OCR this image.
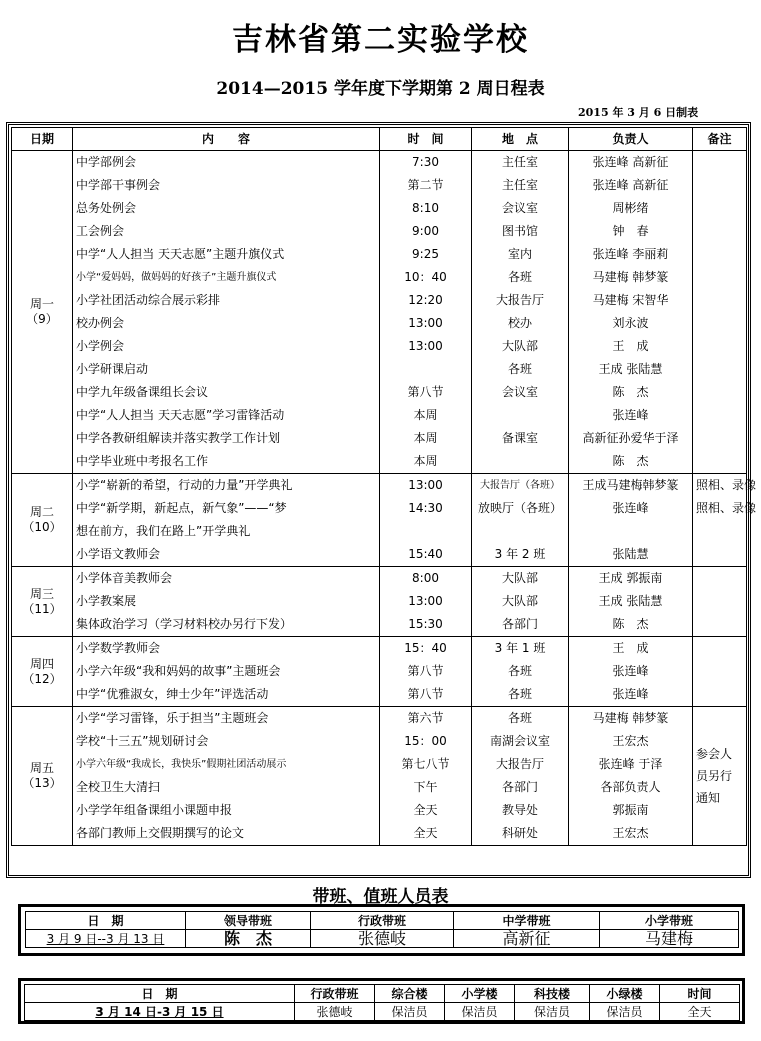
吉林省第二实验学校
2014—2015 学年度下学期第 2 周日程表
2015 年 3 月 6 日制表
日期	内　　容	时　间	地　点	负责人	备注

周一
（9）	中学部例会	7:30	主任室	张连峰 高新征	
	中学部干事例会	第二节	主任室	张连峰 高新征	
	总务处例会	8:10	会议室	周彬绪	
	工会例会	9:00	图书馆	钟　春	
	中学“人人担当 天天志愿”主题升旗仪式	9:25	室内	张连峰 李丽莉	
	小学“爱妈妈，做妈妈的好孩子”主题升旗仪式	10：40	各班	马建梅 韩梦篆	
	小学社团活动综合展示彩排	12:20	大报告厅	马建梅 宋智华	
	校办例会	13:00	校办	刘永波	
	小学例会	13:00	大队部	王　成	
	小学研课启动		各班	王成 张陆慧	
	中学九年级备课组长会议	第八节	会议室	陈　杰	
	中学“人人担当 天天志愿”学习雷锋活动	本周		张连峰	
	中学各教研组解读并落实教学工作计划	本周	备课室	高新征孙爱华于泽	
	中学毕业班中考报名工作	本周		陈　杰	

周二
（10）	小学“崭新的希望，行动的力量”开学典礼	13:00	大报告厅（各班）	王成马建梅韩梦篆	照相、录像
	中学“新学期，新起点，新气象”——“梦	14:30	放映厅（各班）	张连峰	照相、录像
	想在前方，我们在路上”开学典礼				
	小学语文教师会	15:40	3 年 2 班	张陆慧	

周三
（11）	小学体音美教师会	8:00	大队部	王成 郭振南	
	小学教案展	13:00	大队部	王成 张陆慧	
	集体政治学习（学习材料校办另行下发）	15:30	各部门	陈　杰	

周四
（12）	小学数学教师会	15：40	3 年 1 班	王　成	
	小学六年级“我和妈妈的故事”主题班会	第八节	各班	张连峰	
	中学“优雅淑女，绅士少年”评选活动	第八节	各班	张连峰	

周五
（13）	小学“学习雷锋，乐于担当”主题班会	第六节	各班	马建梅 韩梦篆	参会人员另行通知
	学校“十三五”规划研讨会	15：00	南湖会议室	王宏杰	
	小学六年级“我成长，我快乐”假期社团活动展示	第七八节	大报告厅	张连峰 于泽	
	全校卫生大清扫	下午	各部门	各部负责人	
	小学学年组备课组小课题申报	全天	教导处	郭振南	
	各部门教师上交假期撰写的论文	全天	科研处	王宏杰	
带班、值班人员表
日　期	领导带班	行政带班	中学带班	小学带班
3 月 9 日--3 月 13 日	陈　杰	张德岐	高新征	马建梅
日　期	行政带班	综合楼	小学楼	科技楼	小绿楼	时间
3 月 14 日-3 月 15 日	张德岐	保洁员	保洁员	保洁员	保洁员	全天
